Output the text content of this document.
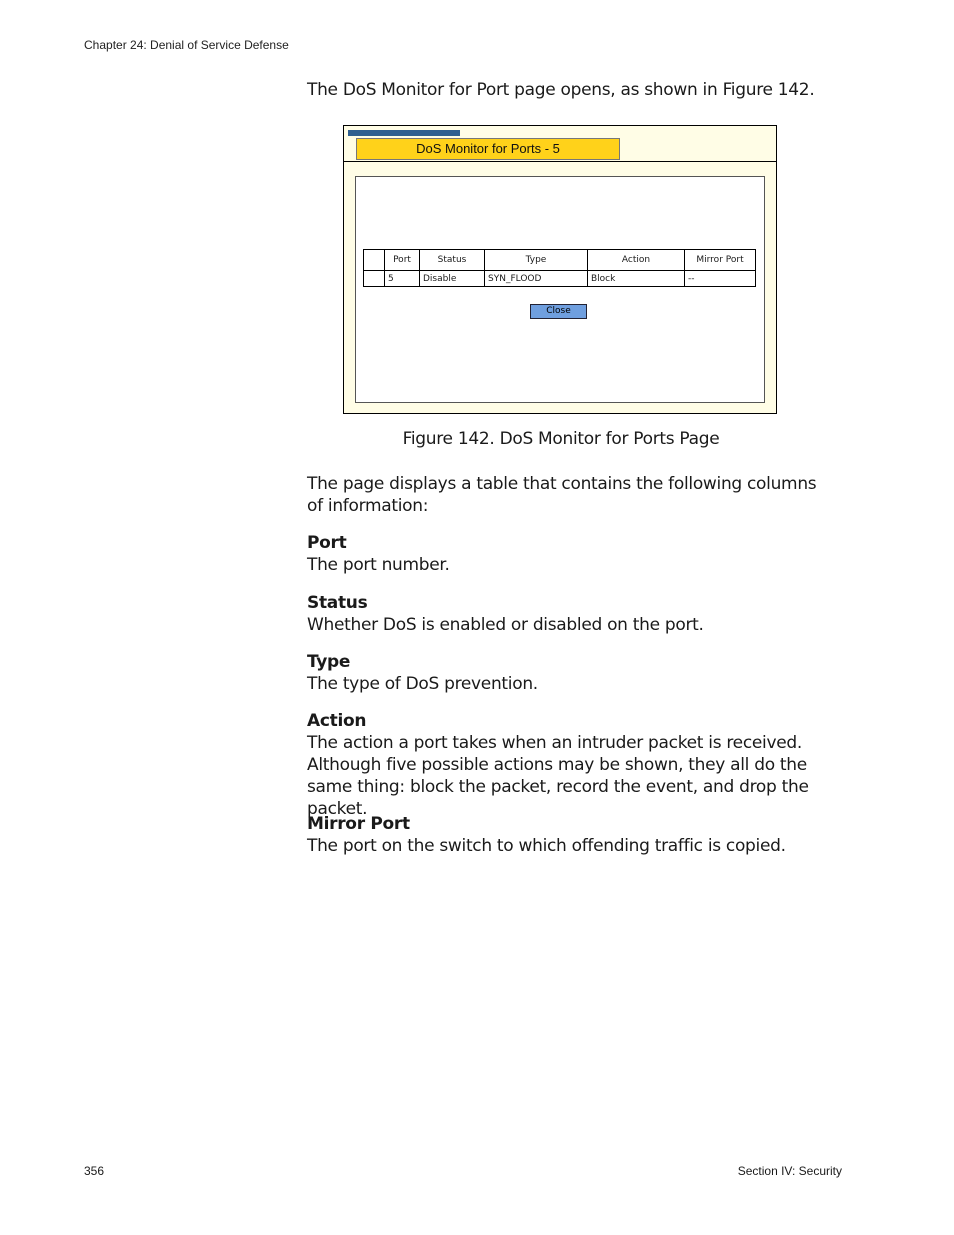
Chapter 24: Denial of Service Defense
The DoS Monitor for Port page opens, as shown in Figure 142.
DoS Monitor for Ports - 5
	Port	Status	Type	Action	Mirror Port
	5	Disable	SYN_FLOOD	Block	--
Close
Figure 142. DoS Monitor for Ports Page
The page displays a table that contains the following columns of information:
Port
The port number.
Status
Whether DoS is enabled or disabled on the port.
Type
The type of DoS prevention.
Action
The action a port takes when an intruder packet is received. Although five possible actions may be shown, they all do the same thing: block the packet, record the event, and drop the packet.
Mirror Port
The port on the switch to which offending traffic is copied.
356	Section IV: Security
